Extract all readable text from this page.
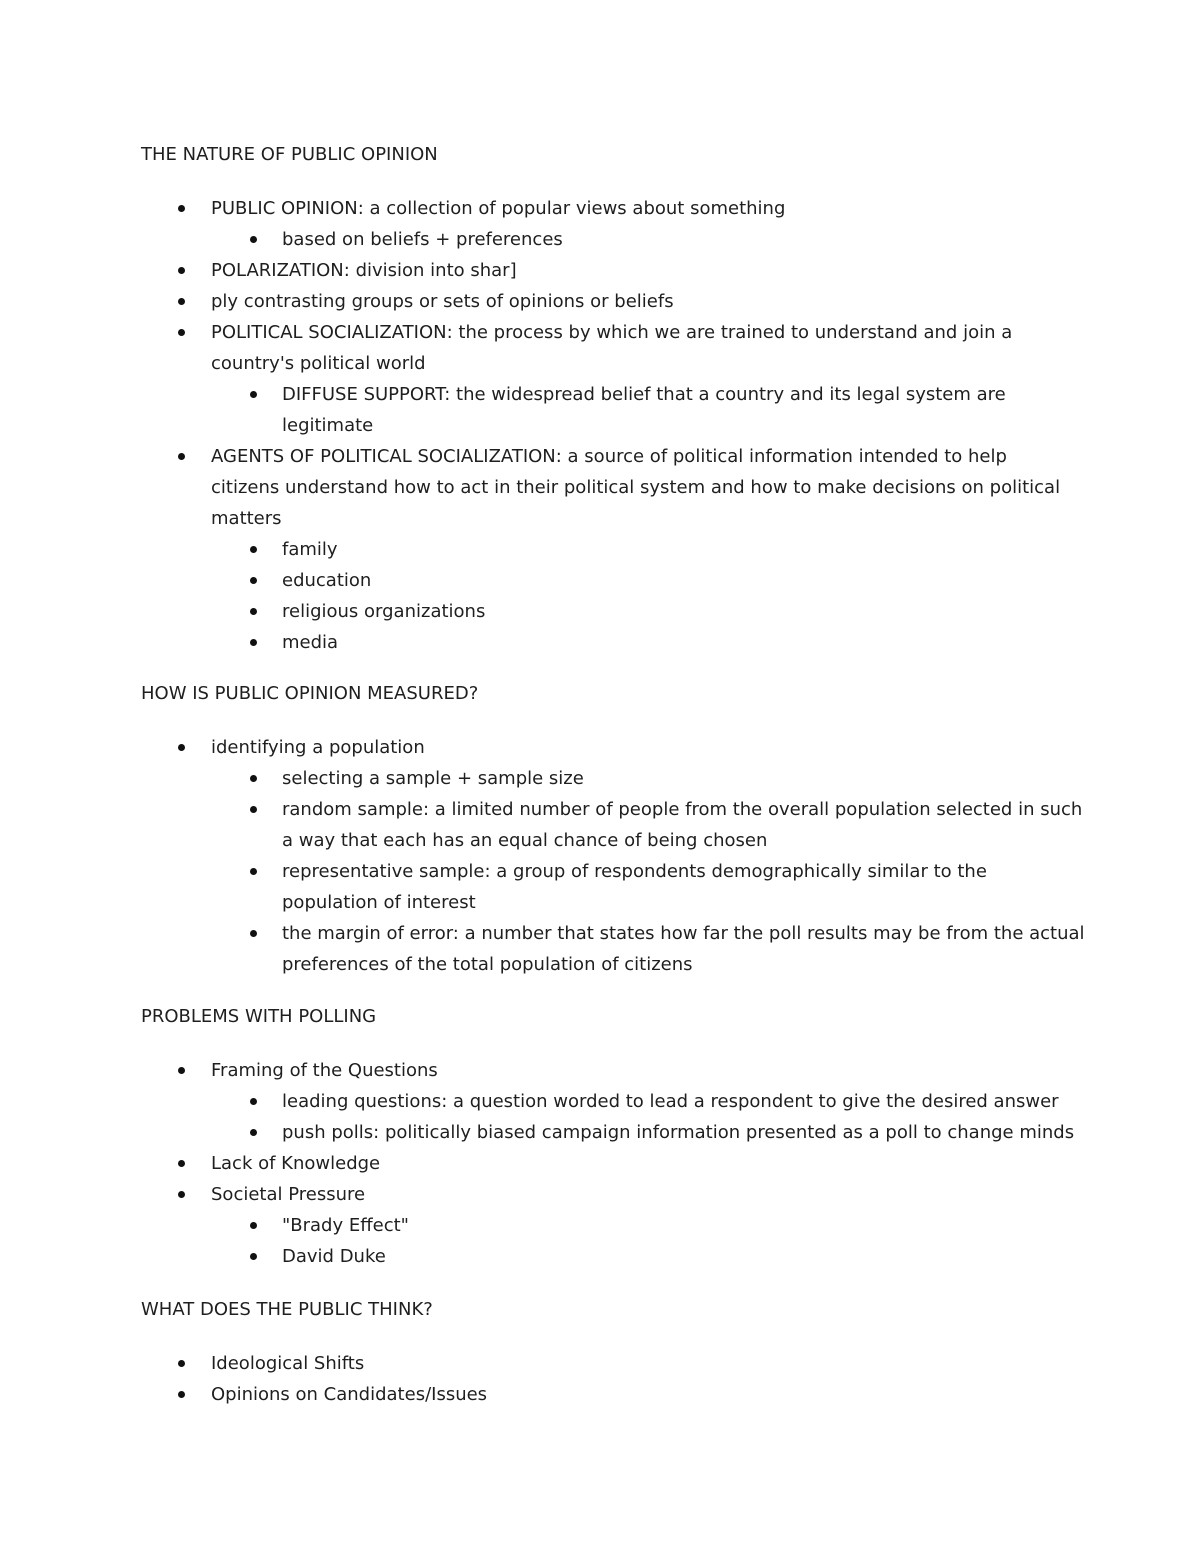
THE NATURE OF PUBLIC OPINION
PUBLIC OPINION: a collection of popular views about something
based on beliefs + preferences
POLARIZATION: division into shar]
ply contrasting groups or sets of opinions or beliefs
POLITICAL SOCIALIZATION: the process by which we are trained to understand and join a
country's political world
DIFFUSE SUPPORT: the widespread belief that a country and its legal system are
legitimate
AGENTS OF POLITICAL SOCIALIZATION: a source of political information intended to help
citizens understand how to act in their political system and how to make decisions on political
matters
family
education
religious organizations
media
HOW IS PUBLIC OPINION MEASURED?
identifying a population
selecting a sample + sample size
random sample: a limited number of people from the overall population selected in such
a way that each has an equal chance of being chosen
representative sample: a group of respondents demographically similar to the
population of interest
the margin of error: a number that states how far the poll results may be from the actual
preferences of the total population of citizens
PROBLEMS WITH POLLING
Framing of the Questions
leading questions: a question worded to lead a respondent to give the desired answer
push polls: politically biased campaign information presented as a poll to change minds
Lack of Knowledge
Societal Pressure
"Brady Effect"
David Duke
WHAT DOES THE PUBLIC THINK?
Ideological Shifts
Opinions on Candidates/Issues
